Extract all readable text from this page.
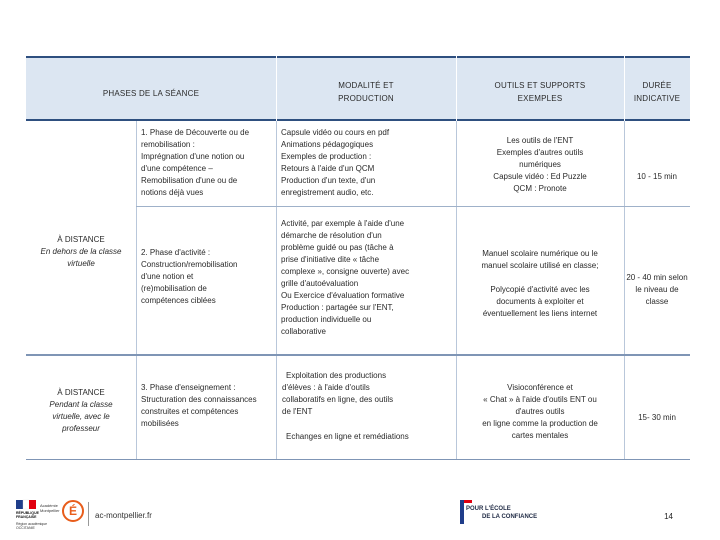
PHASES DE LA SÉANCE
MODALITÉ ET
PRODUCTION
OUTILS ET SUPPORTS
EXEMPLES
DURÉE
INDICATIVE
À DISTANCE
En dehors de la classe
virtuelle
À DISTANCE
Pendant la classe
virtuelle, avec le
professeur
1. Phase de Découverte ou de
remobilisation :
Imprégnation d'une notion ou
d'une compétence –
Remobilisation d'une ou de
notions déjà vues
Capsule vidéo ou cours en pdf
Animations pédagogiques
Exemples de production :
Retours à l'aide d'un QCM
Production d'un texte, d'un
enregistrement audio, etc.
Les outils de l'ENT
Exemples d'autres outils
numériques
Capsule vidéo : Ed Puzzle
QCM : Pronote
10 - 15 min
2. Phase d'activité :
Construction/remobilisation
d'une notion et
(re)mobilisation de
compétences ciblées
Activité, par exemple à l'aide d'une
démarche de résolution d'un
problème guidé ou pas (tâche à
prise d'initiative dite « tâche
complexe », consigne ouverte) avec
grille d'autoévaluation
Ou Exercice d'évaluation formative
Production : partagée sur l'ENT,
production individuelle ou
collaborative
Manuel scolaire numérique ou le
manuel scolaire utilisé en classe;
Polycopié d'activité avec les
documents à exploiter et
éventuellement les liens internet
20 - 40 min selon
le niveau de classe
3. Phase d'enseignement :
Structuration des connaissances
construites et compétences
mobilisées
Exploitation des productions
d'élèves : à l'aide d'outils
collaboratifs en ligne, des outils
de l'ENT
Echanges en ligne et remédiations
Visioconférence et
« Chat » à l'aide d'outils ENT ou
d'autres outils
en ligne comme la production de
cartes mentales
15- 30 min
RÉPUBLIQUE
FRANÇAISE
Académie
Montpellier É
Région académique OCCITANIE
ac-montpellier.fr
POUR L'ÉCOLE
DE LA CONFIANCE	14
